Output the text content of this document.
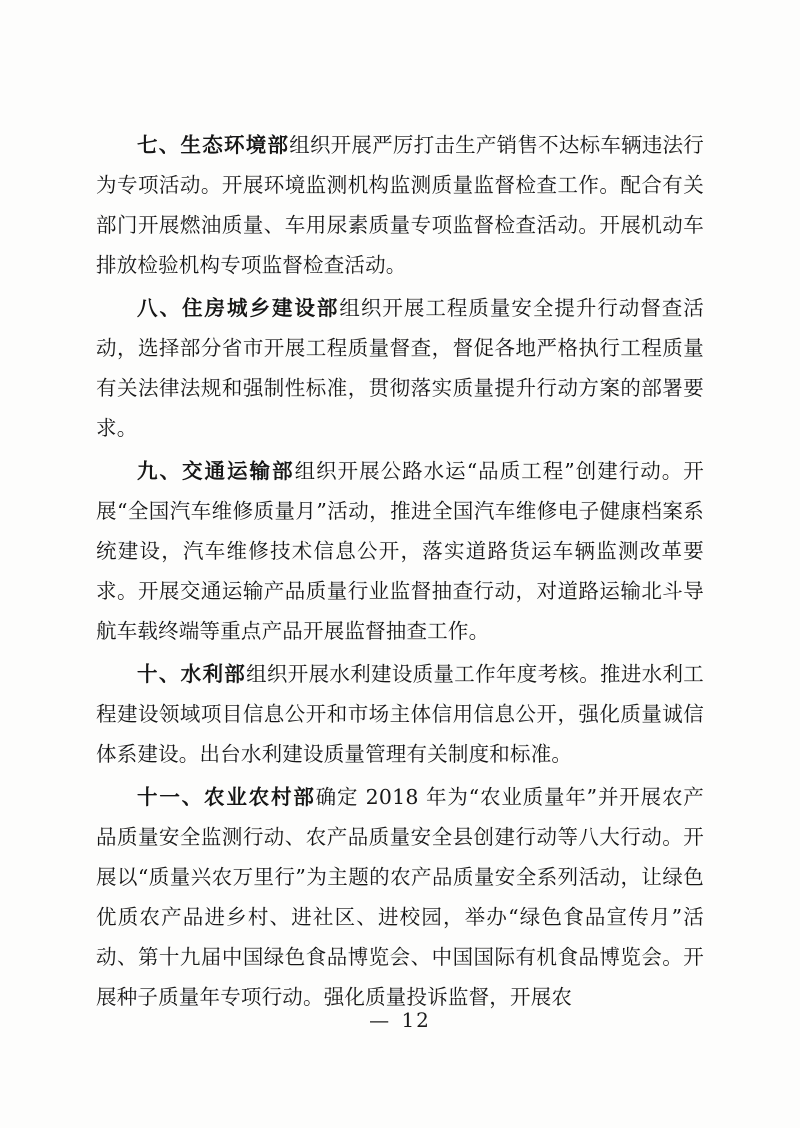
七、生态环境部组织开展严厉打击生产销售不达标车辆违法行为专项活动。开展环境监测机构监测质量监督检查工作。配合有关部门开展燃油质量、车用尿素质量专项监督检查活动。开展机动车排放检验机构专项监督检查活动。

八、住房城乡建设部组织开展工程质量安全提升行动督查活动，选择部分省市开展工程质量督查，督促各地严格执行工程质量有关法律法规和强制性标准，贯彻落实质量提升行动方案的部署要求。

九、交通运输部组织开展公路水运“品质工程”创建行动。开展“全国汽车维修质量月”活动，推进全国汽车维修电子健康档案系统建设，汽车维修技术信息公开，落实道路货运车辆监测改革要求。开展交通运输产品质量行业监督抽查行动，对道路运输北斗导航车载终端等重点产品开展监督抽查工作。

十、水利部组织开展水利建设质量工作年度考核。推进水利工程建设领域项目信息公开和市场主体信用信息公开，强化质量诚信体系建设。出台水利建设质量管理有关制度和标准。

十一、农业农村部确定 2018 年为“农业质量年”并开展农产品质量安全监测行动、农产品质量安全县创建行动等八大行动。开展以“质量兴农万里行”为主题的农产品质量安全系列活动，让绿色优质农产品进乡村、进社区、进校园，举办“绿色食品宣传月”活动、第十九届中国绿色食品博览会、中国国际有机食品博览会。开展种子质量年专项行动。强化质量投诉监督，开展农

— 12
